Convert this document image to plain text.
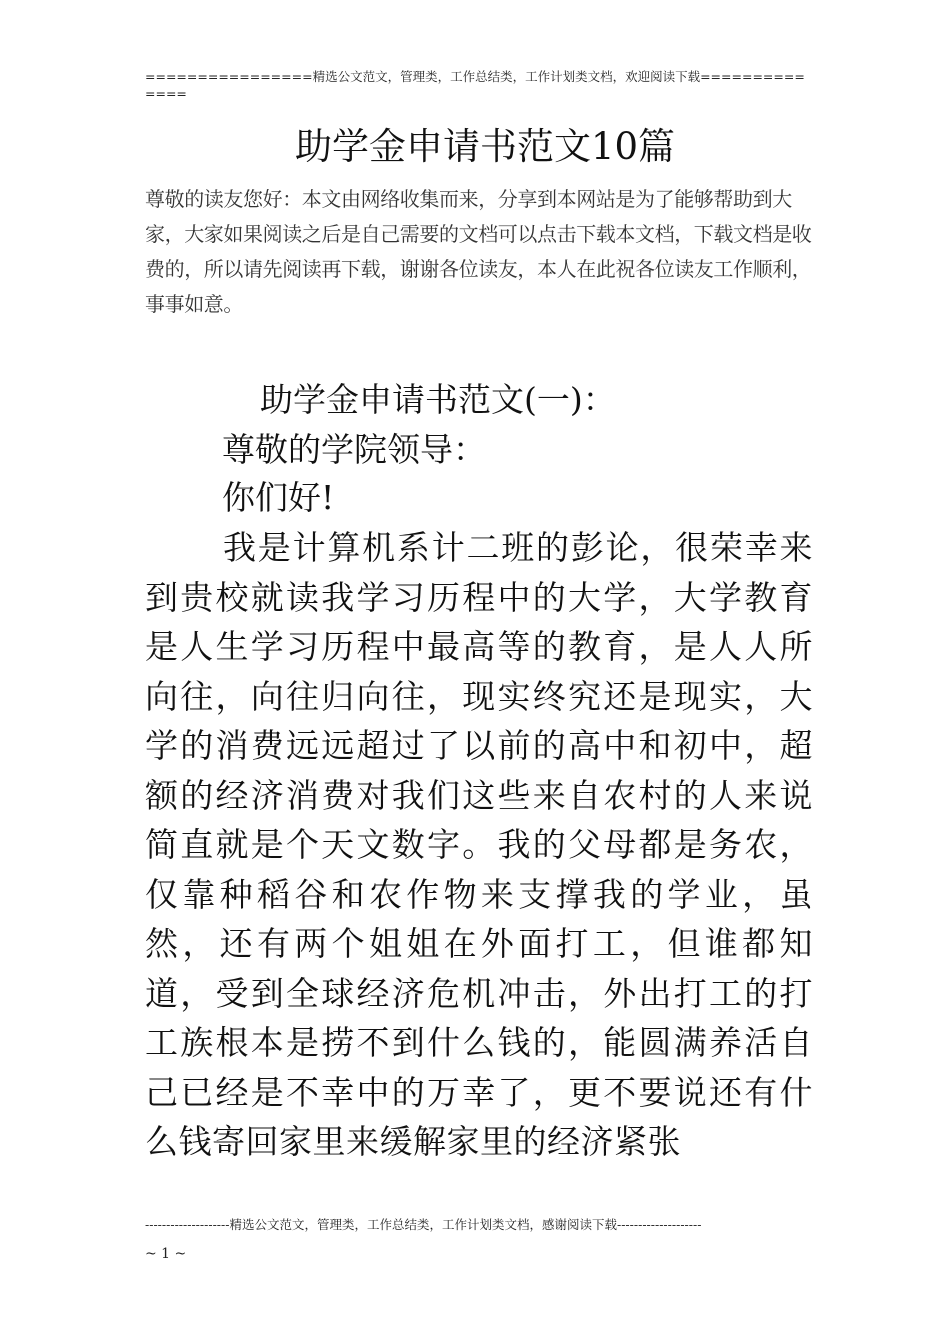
================精选公文范文，管理类，工作总结类，工作计划类文档，欢迎阅读下载==============
助学金申请书范文10篇
尊敬的读友您好：本文由网络收集而来，分享到本网站是为了能够帮助到大家，大家如果阅读之后是自己需要的文档可以点击下载本文档，下载文档是收费的，所以请先阅读再下载，谢谢各位读友，本人在此祝各位读友工作顺利，事事如意。
助学金申请书范文(一)：
尊敬的学院领导：
你们好!
我是计算机系计二班的彭论，很荣幸来到贵校就读我学习历程中的大学，大学教育是人生学习历程中最高等的教育，是人人所向往，向往归向往，现实终究还是现实，大学的消费远远超过了以前的高中和初中，超额的经济消费对我们这些来自农村的人来说简直就是个天文数字。我的父母都是务农，仅靠种稻谷和农作物来支撑我的学业，虽然，还有两个姐姐在外面打工，但谁都知道，受到全球经济危机冲击，外出打工的打工族根本是捞不到什么钱的，能圆满养活自己已经是不幸中的万幸了，更不要说还有什么钱寄回家里来缓解家里的经济紧张
--------------------精选公文范文，管理类，工作总结类，工作计划类文档，感谢阅读下载--------------------
~ 1 ~
